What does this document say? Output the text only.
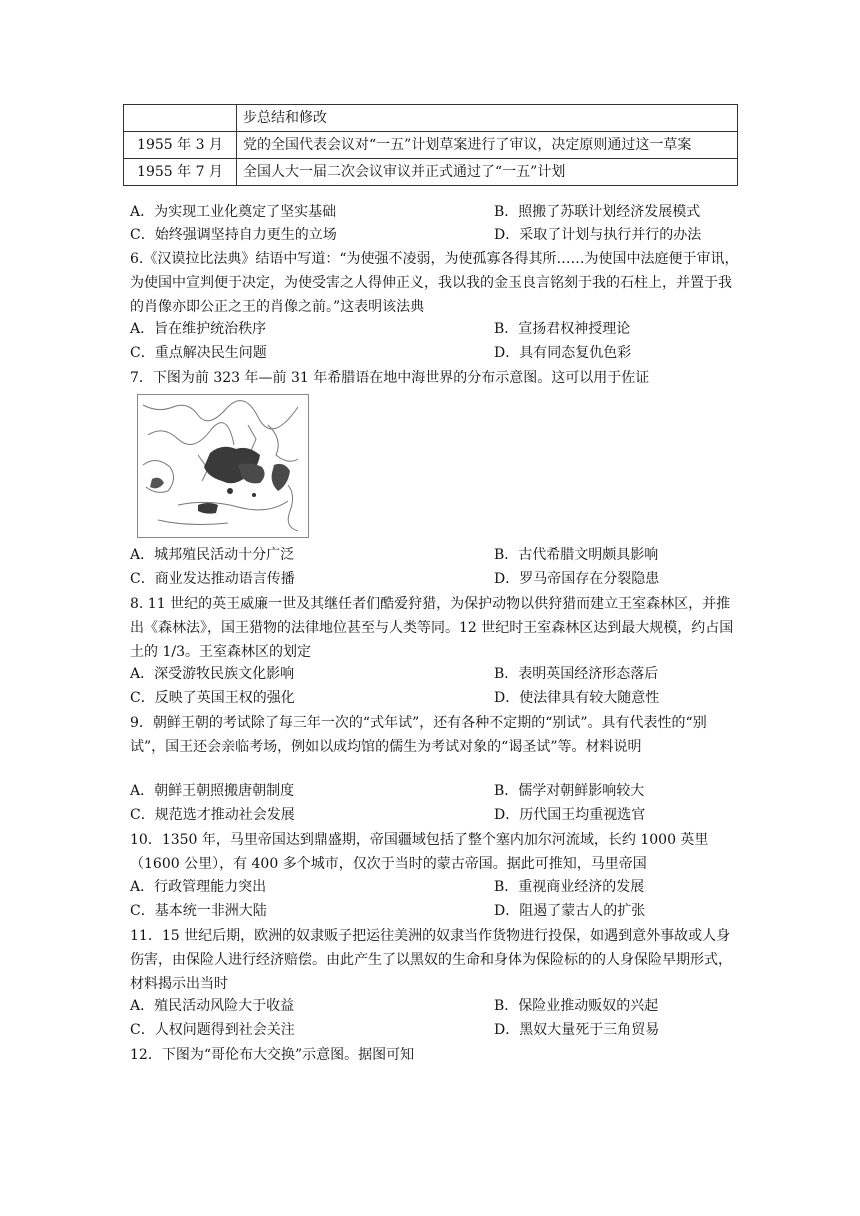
	步总结和修改
1955 年 3 月	党的全国代表会议对“一五”计划草案进行了审议，决定原则通过这一草案
1955 年 7 月	全国人大一届二次会议审议并正式通过了“一五”计划
A．为实现工业化奠定了坚实基础	B．照搬了苏联计划经济发展模式
C．始终强调坚持自力更生的立场	D．采取了计划与执行并行的办法
6.《汉谟拉比法典》结语中写道：“为使强不凌弱，为使孤寡各得其所……为使国中法庭便于审讯，为使国中宣判便于决定，为使受害之人得伸正义，我以我的金玉良言铭刻于我的石柱上，并置于我的肖像亦即公正之王的肖像之前。”这表明该法典
A．旨在维护统治秩序	B．宣扬君权神授理论
C．重点解决民生问题	D．具有同态复仇色彩
7．下图为前 323 年—前 31 年希腊语在地中海世界的分布示意图。这可以用于佐证
A．城邦殖民活动十分广泛	B．古代希腊文明颇具影响
C．商业发达推动语言传播	D．罗马帝国存在分裂隐患
8. 11 世纪的英王威廉一世及其继任者们酷爱狩猎，为保护动物以供狩猎而建立王室森林区，并推出《森林法》，国王猎物的法律地位甚至与人类等同。12 世纪时王室森林区达到最大规模，约占国土的 1/3。王室森林区的划定
A．深受游牧民族文化影响	B．表明英国经济形态落后
C．反映了英国王权的强化	D．使法律具有较大随意性
9．朝鲜王朝的考试除了每三年一次的“式年试”，还有各种不定期的“别试”。具有代表性的“别试”，国王还会亲临考场，例如以成均馆的儒生为考试对象的“谒圣试”等。材料说明
A．朝鲜王朝照搬唐朝制度	B．儒学对朝鲜影响较大
C．规范选才推动社会发展	D．历代国王均重视选官
10．1350 年，马里帝国达到鼎盛期，帝国疆域包括了整个塞内加尔河流域，长约 1000 英里（1600 公里），有 400 多个城市，仅次于当时的蒙古帝国。据此可推知，马里帝国
A．行政管理能力突出	B．重视商业经济的发展
C．基本统一非洲大陆	D．阻遏了蒙古人的扩张
11．15 世纪后期，欧洲的奴隶贩子把运往美洲的奴隶当作货物进行投保，如遇到意外事故或人身伤害，由保险人进行经济赔偿。由此产生了以黑奴的生命和身体为保险标的的人身保险早期形式，材料揭示出当时
A．殖民活动风险大于收益	B．保险业推动贩奴的兴起
C．人权问题得到社会关注	D．黑奴大量死于三角贸易
12．下图为“哥伦布大交换”示意图。据图可知
